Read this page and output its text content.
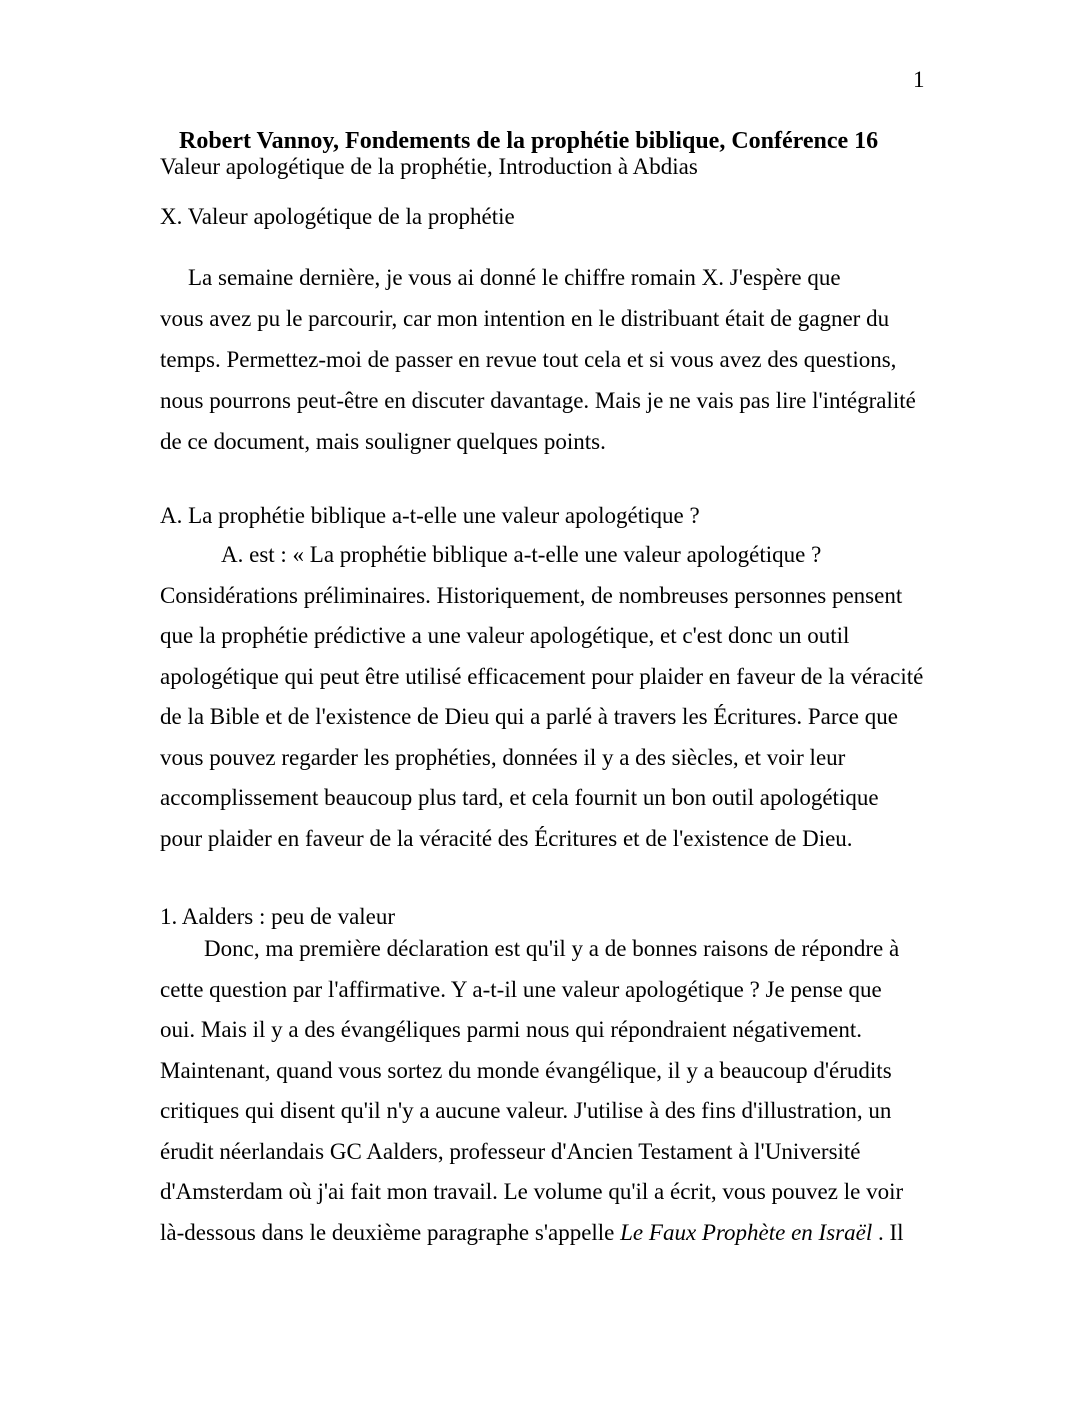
1
Robert Vannoy, Fondements de la prophétie biblique, Conférence 16
Valeur apologétique de la prophétie, Introduction à Abdias
X. Valeur apologétique de la prophétie
La semaine dernière, je vous ai donné le chiffre romain X. J'espère que
vous avez pu le parcourir, car mon intention en le distribuant était de gagner du
temps. Permettez-moi de passer en revue tout cela et si vous avez des questions,
nous pourrons peut-être en discuter davantage. Mais je ne vais pas lire l'intégralité
de ce document, mais souligner quelques points.
A. La prophétie biblique a-t-elle une valeur apologétique ?
A. est : « La prophétie biblique a-t-elle une valeur apologétique ?
Considérations préliminaires. Historiquement, de nombreuses personnes pensent
que la prophétie prédictive a une valeur apologétique, et c'est donc un outil
apologétique qui peut être utilisé efficacement pour plaider en faveur de la véracité
de la Bible et de l'existence de Dieu qui a parlé à travers les Écritures. Parce que
vous pouvez regarder les prophéties, données il y a des siècles, et voir leur
accomplissement beaucoup plus tard, et cela fournit un bon outil apologétique
pour plaider en faveur de la véracité des Écritures et de l'existence de Dieu.
1. Aalders : peu de valeur
Donc, ma première déclaration est qu'il y a de bonnes raisons de répondre à
cette question par l'affirmative. Y a-t-il une valeur apologétique ? Je pense que
oui. Mais il y a des évangéliques parmi nous qui répondraient négativement.
Maintenant, quand vous sortez du monde évangélique, il y a beaucoup d'érudits
critiques qui disent qu'il n'y a aucune valeur. J'utilise à des fins d'illustration, un
érudit néerlandais GC Aalders, professeur d'Ancien Testament à l'Université
d'Amsterdam où j'ai fait mon travail. Le volume qu'il a écrit, vous pouvez le voir
là-dessous dans le deuxième paragraphe s'appelle Le Faux Prophète en Israël . Il
